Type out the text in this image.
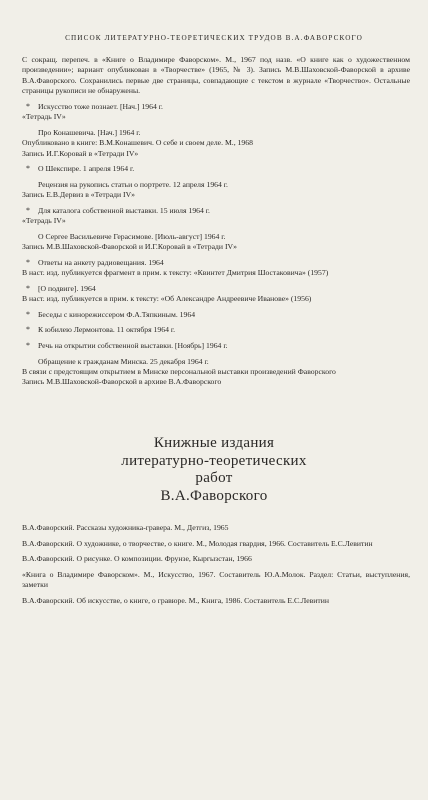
СПИСОК ЛИТЕРАТУРНО-ТЕОРЕТИЧЕСКИХ ТРУДОВ В.А.ФАВОРСКОГО

С сокращ. перепеч. в «Книге о Владимире Фаворском». М., 1967 под назв. «О книге как о художественном произведении»; вариант опубликован в «Творчестве» (1965, № 3). Запись М.В.Шаховской-Фаворской в архиве В.А.Фаворского. Сохранились первые две страницы, совпадающие с текстом в журнале «Творчество». Остальные страницы рукописи не обнаружены.

* Искусство тоже познает. [Нач.] 1964 г.

«Тетрадь IV»

Про Конашевича. [Нач.] 1964 г.

Опубликовано в книге: В.М.Конашевич. О себе и своем деле. М., 1968

Запись И.Г.Коровай в «Тетради IV»

* О Шекспире. 1 апреля 1964 г.

Рецензия на рукопись статьи о портрете. 12 апреля 1964 г.

Запись Е.В.Дервиз в «Тетради IV»

* Для каталога собственной выставки. 15 июля 1964 г.

«Тетрадь IV»

О Сергее Васильевиче Герасимове. [Июль-август] 1964 г.

Запись М.В.Шаховской-Фаворской и И.Г.Коровай в «Тетради IV»

* Ответы на анкету радиовещания. 1964

В наст. изд. публикуется фрагмент в прим. к тексту: «Квинтет Дмитрия Шостаковича» (1957)

* [О подвиге]. 1964

В наст. изд. публикуется в прим. к тексту: «Об Александре Андреевиче Иванове» (1956)

* Беседы с кинорежиссером Ф.А.Тяпкиным. 1964

* К юбилею Лермонтова. 11 октября 1964 г.

* Речь на открытии собственной выставки. [Ноябрь] 1964 г.

Обращение к гражданам Минска. 25 декабря 1964 г.

В связи с предстоящим открытием в Минске персональной выставки произведений Фаворского

Запись М.В.Шаховской-Фаворской в архиве В.А.Фаворского

Книжные издания
литературно-теоретических
работ
В.А.Фаворского

В.А.Фаворский. Рассказы художника-гравера. М., Детгиз, 1965

В.А.Фаворский. О художнике, о творчестве, о книге. М., Молодая гвардия, 1966. Составитель Е.С.Левитин

В.А.Фаворский. О рисунке. О композиции. Фрунзе, Кыргызстан, 1966

«Книга о Владимире Фаворском». М., Искусство, 1967. Составитель Ю.А.Молок. Раздел: Статьи, выступления, заметки

В.А.Фаворский. Об искусстве, о книге, о гравюре. М., Книга, 1986. Составитель Е.С.Левитин
